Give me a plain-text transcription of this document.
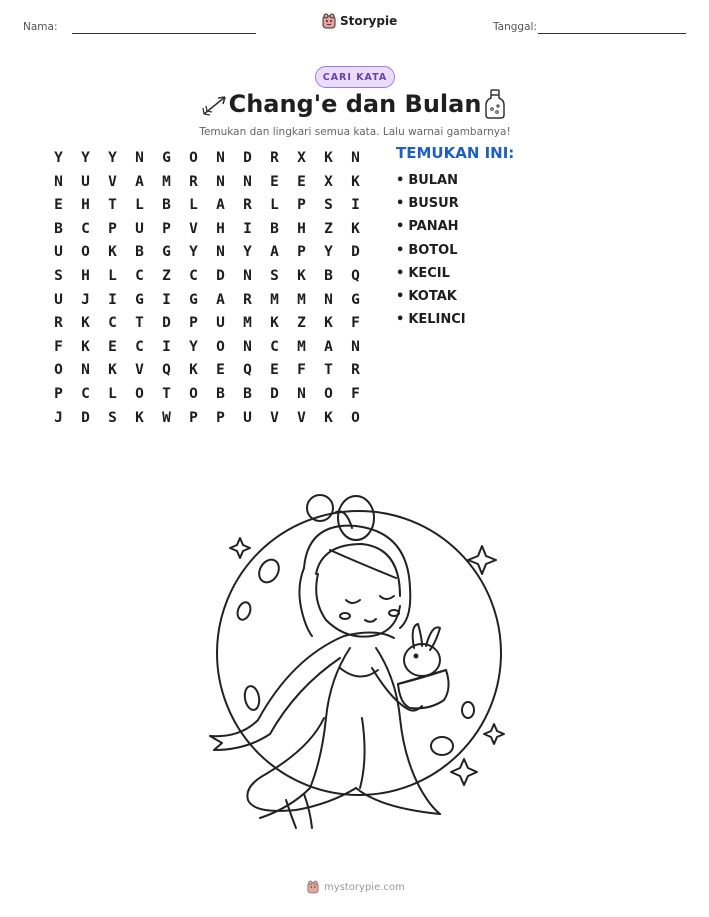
Nama:	Storypie	Tanggal:
CARI KATA
Chang'e dan Bulan
Temukan dan lingkari semua kata. Lalu warnai gambarnya!
Y	Y	Y	N	G	O	N	D	R	X	K	N
N	U	V	A	M	R	N	N	E	E	X	K
E	H	T	L	B	L	A	R	L	P	S	I
B	C	P	U	P	V	H	I	B	H	Z	K
U	O	K	B	G	Y	N	Y	A	P	Y	D
S	H	L	C	Z	C	D	N	S	K	B	Q
U	J	I	G	I	G	A	R	M	M	N	G
R	K	C	T	D	P	U	M	K	Z	K	F
F	K	E	C	I	Y	O	N	C	M	A	N
O	N	K	V	Q	K	E	Q	E	F	T	R
P	C	L	O	T	O	B	B	D	N	O	F
J	D	S	K	W	P	P	U	V	V	K	O
TEMUKAN INI:
• BULAN
• BUSUR
• PANAH
• BOTOL
• KECIL
• KOTAK
• KELINCI
mystorypie.com
